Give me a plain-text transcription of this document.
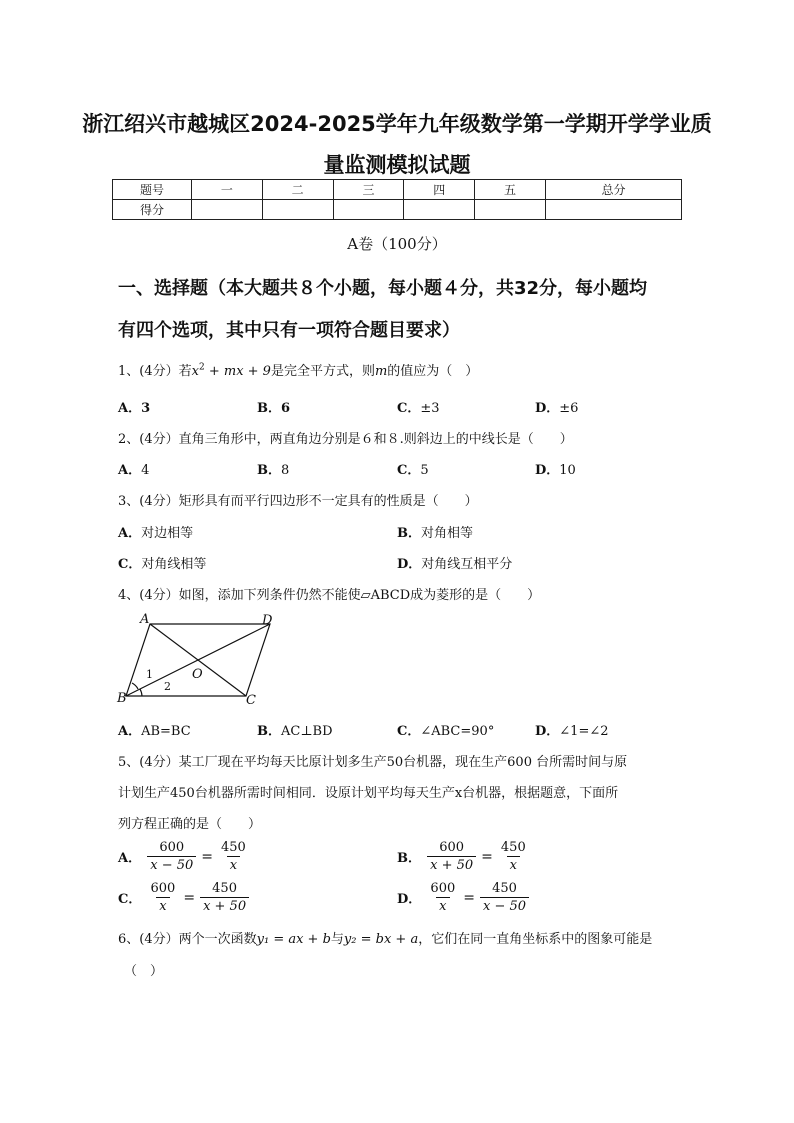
浙江绍兴市越城区2024-2025学年九年级数学第一学期开学学业质
量监测模拟试题
题号	一	二	三	四	五	总分
得分						
A卷（100分）
一、选择题（本大题共８个小题，每小题４分，共32分，每小题均
有四个选项，其中只有一项符合题目要求）
1、(4分）若$x^2$ + mx + 9是完全平方式，则m的值应为（　）
A．3	B．6	C．±3	D．±6
2、(4分）直角三角形中，两直角边分别是６和８.则斜边上的中线长是（　　）
A．4	B．8	C．5	D．10
3、(4分）矩形具有而平行四边形不一定具有的性质是（　　）
A．对边相等	B．对角相等
C．对角线相等	D．对角线互相平分
4、(4分）如图，添加下列条件仍然不能使▱ABCD成为菱形的是（　　）
A	D
B	C
O
1
2
A．AB=BC	B．AC⊥BD	C．∠ABC=90°	D．∠1=∠2
5、(4分）某工厂现在平均每天比原计划多生产50台机器，现在生产600 台所需时间与原
计划生产450台机器所需时间相同．设原计划平均每天生产x台机器，根据题意，下面所
列方程正确的是（　　）
A． $\frac{600}{x - 50} = \frac{450}{x}$	B． $\frac{600}{x + 50} = \frac{450}{x}$
C． $\frac{600}{x} = \frac{450}{x + 50}$	D． $\frac{600}{x} = \frac{450}{x - 50}$
6、(4分）两个一次函数y₁ = ax + b与y₂ = bx + a，它们在同一直角坐标系中的图象可能是
（　）
